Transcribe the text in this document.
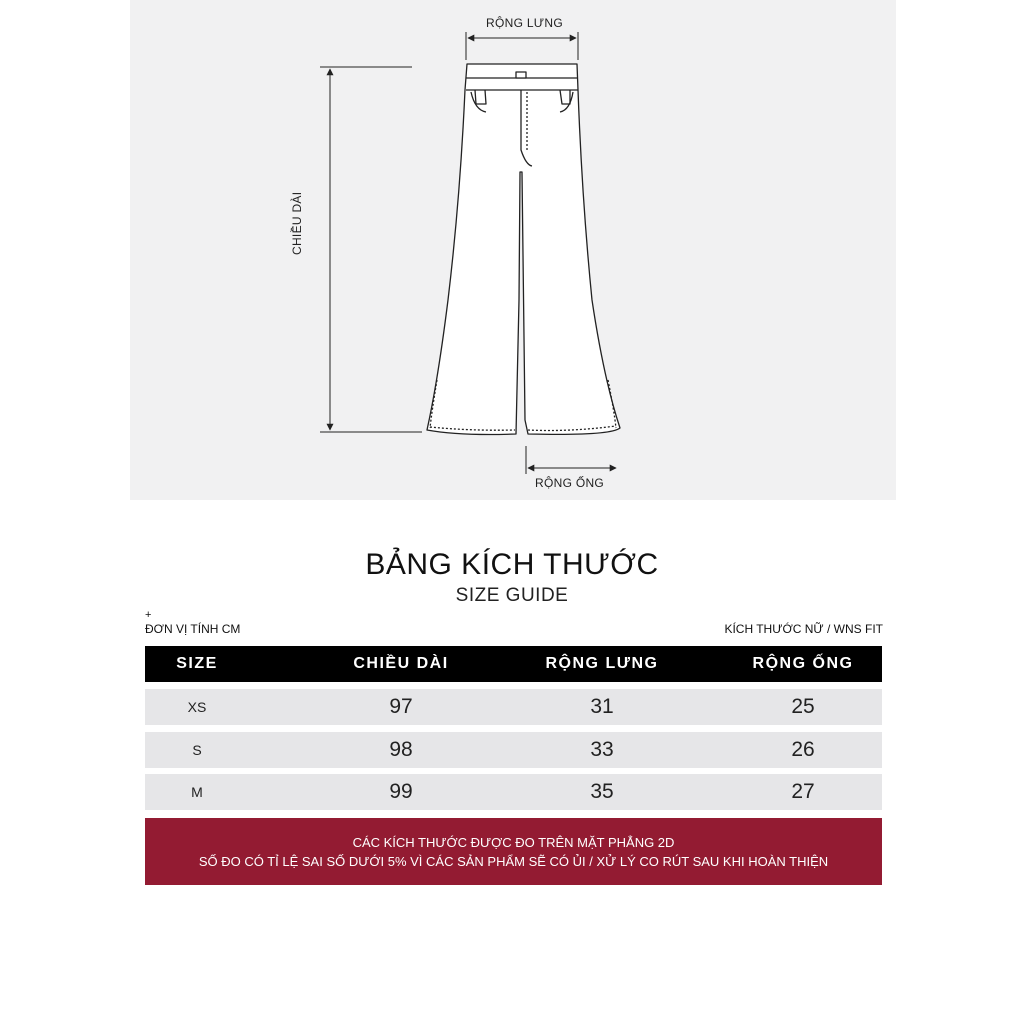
RỘNG LƯNG
CHIỀU DÀI
RỘNG ỐNG
BẢNG KÍCH THƯỚC
SIZE GUIDE
+
ĐƠN VỊ TÍNH CM	KÍCH THƯỚC NỮ / WNS FIT
SIZE	CHIỀU DÀI	RỘNG LƯNG	RỘNG ỐNG
XS	97	31	25
S	98	33	26
M	99	35	27
CÁC KÍCH THƯỚC ĐƯỢC ĐO TRÊN MẶT PHẲNG 2D
SỐ ĐO CÓ TỈ LỆ SAI SỐ DƯỚI 5% VÌ CÁC SẢN PHẨM SẼ CÓ ỦI / XỬ LÝ CO RÚT SAU KHI HOÀN THIỆN
